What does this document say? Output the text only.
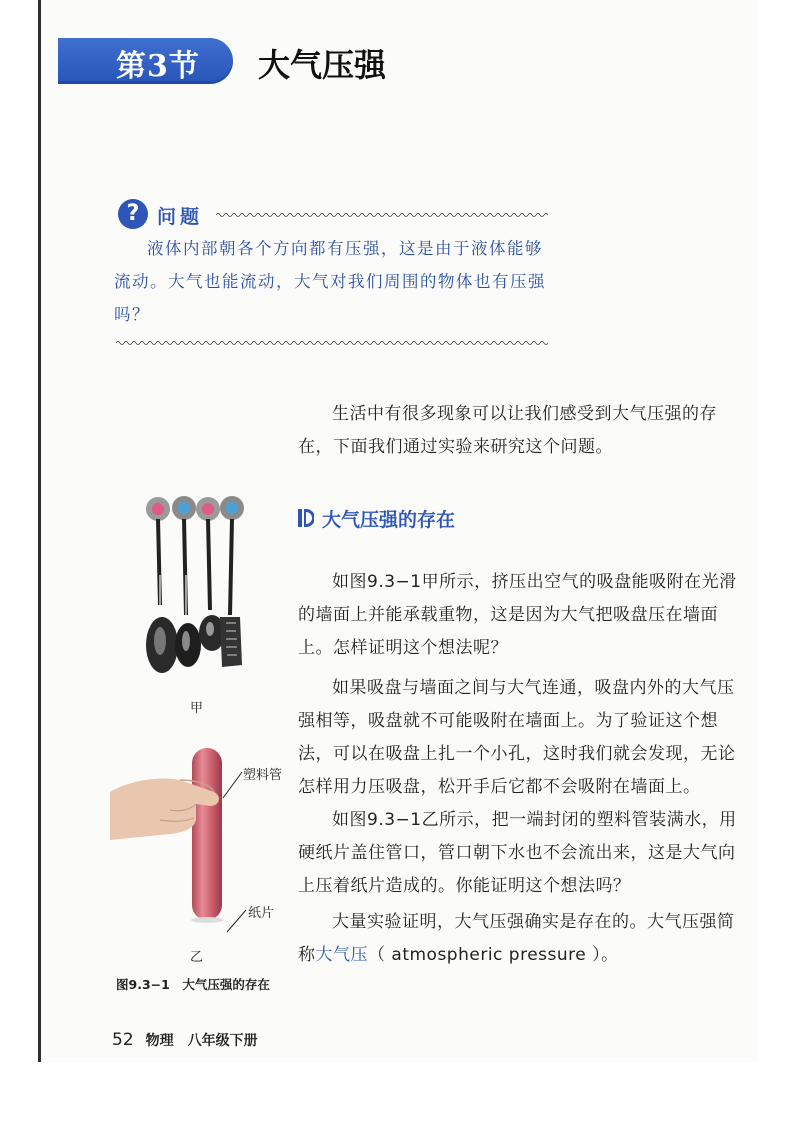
第3节 大气压强
? 问题

液体内部朝各个方向都有压强，这是由于液体能够流动。大气也能流动，大气对我们周围的物体也有压强吗？

生活中有很多现象可以让我们感受到大气压强的存在，下面我们通过实验来研究这个问题。

大气压强的存在

如图9.3−1甲所示，挤压出空气的吸盘能吸附在光滑的墙面上并能承载重物，这是因为大气把吸盘压在墙面上。怎样证明这个想法呢？

如果吸盘与墙面之间与大气连通，吸盘内外的大气压强相等，吸盘就不可能吸附在墙面上。为了验证这个想法，可以在吸盘上扎一个小孔，这时我们就会发现，无论怎样用力压吸盘，松开手后它都不会吸附在墙面上。

如图9.3−1乙所示，把一端封闭的塑料管装满水，用硬纸片盖住管口，管口朝下水也不会流出来，这是大气向上压着纸片造成的。你能证明这个想法吗？

大量实验证明，大气压强确实是存在的。大气压强简称大气压（ atmospheric pressure ）。

甲
塑料管
纸片
乙
图9.3−1　大气压强的存在
52 物理　八年级下册
